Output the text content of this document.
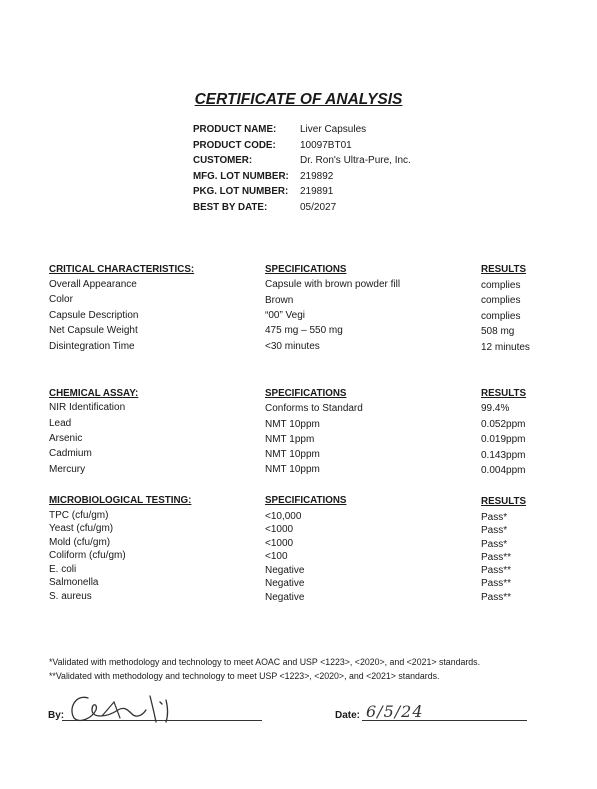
CERTIFICATE OF ANALYSIS
PRODUCT NAME: Liver Capsules
PRODUCT CODE: 10097BT01
CUSTOMER:	Dr. Ron's Ultra-Pure, Inc.
MFG. LOT NUMBER: 219892
PKG. LOT NUMBER: 219891
BEST BY DATE:	05/2027
CRITICAL CHARACTERISTICS:	SPECIFICATIONS	RESULTS
Overall Appearance	Capsule with brown powder fill	complies
Color	Brown	complies
Capsule Description	“00” Vegi	complies
Net Capsule Weight	475 mg – 550 mg	508 mg
Disintegration Time	<30 minutes	12 minutes
CHEMICAL ASSAY:	SPECIFICATIONS	RESULTS
NIR Identification	Conforms to Standard	99.4%
Lead	NMT 10ppm	0.052ppm
Arsenic	NMT 1ppm	0.019ppm
Cadmium	NMT 10ppm	0.143ppm
Mercury	NMT 10ppm	0.004ppm
MICROBIOLOGICAL TESTING:	SPECIFICATIONS	RESULTS
TPC (cfu/gm)	<10,000	Pass*
Yeast (cfu/gm)	<1000	Pass*
Mold (cfu/gm)	<1000	Pass*
Coliform (cfu/gm)	<100	Pass**
E. coli	Negative	Pass**
Salmonella	Negative	Pass**
S. aureus	Negative	Pass**
*Validated with methodology and technology to meet AOAC and USP <1223>, <2020>, and <2021> standards.
**Validated with methodology and technology to meet USP <1223>, <2020>, and <2021> standards.
By:	Date: 6/5/24
